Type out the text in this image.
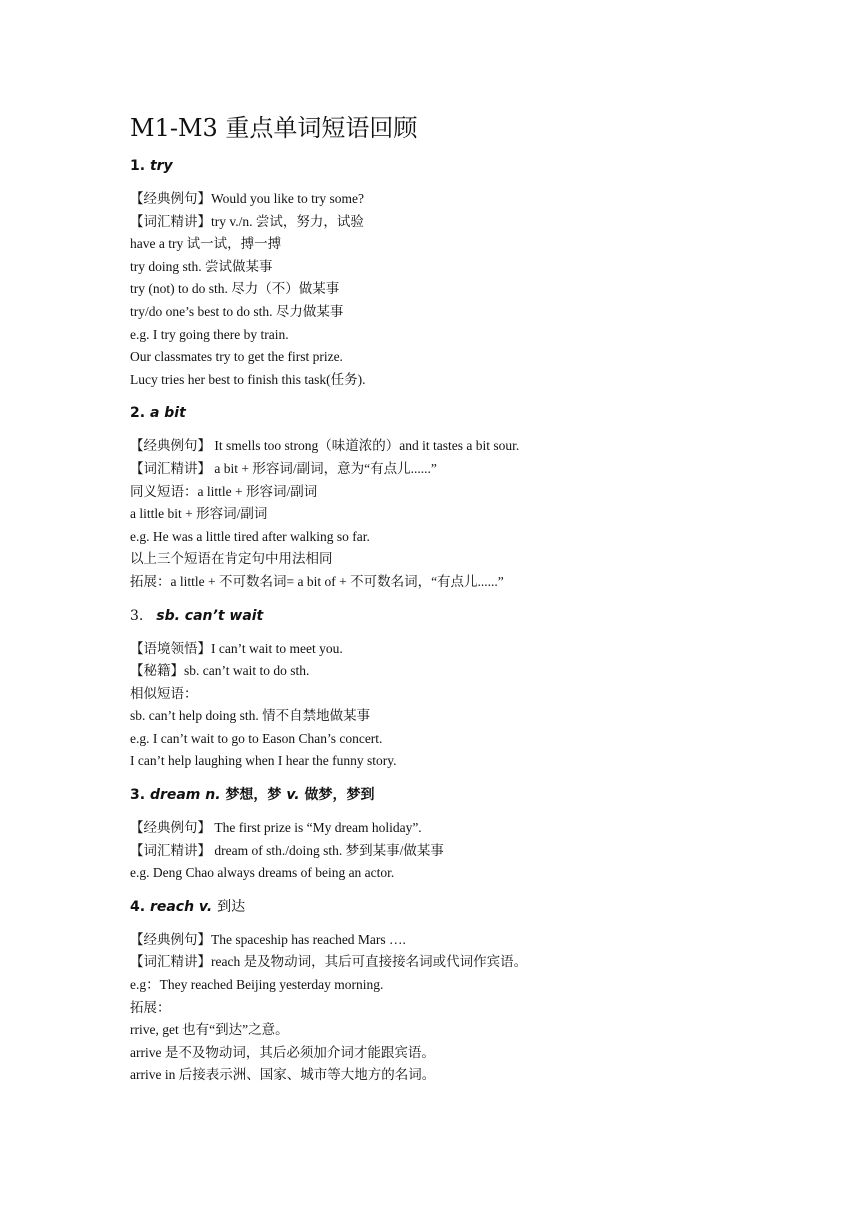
M1-M3 重点单词短语回顾
1. try
【经典例句】Would you like to try some?
【词汇精讲】try v./n. 尝试，努力，试验
have a try 试一试，搏一搏
try doing sth. 尝试做某事
try (not) to do sth. 尽力（不）做某事
try/do one’s best to do sth. 尽力做某事
e.g. I try going there by train.
Our classmates try to get the first prize.
Lucy tries her best to finish this task(任务).
2. a bit
【经典例句】 It smells too strong（味道浓的）and it tastes a bit sour.
【词汇精讲】 a bit + 形容词/副词，意为“有点儿......”
同义短语：a little + 形容词/副词
a little bit + 形容词/副词
e.g. He was a little tired after walking so far.
以上三个短语在肯定句中用法相同
拓展：a little + 不可数名词= a bit of + 不可数名词，“有点儿......”
3. sb. can’t wait
【语境领悟】I can’t wait to meet you.
【秘籍】sb. can’t wait to do sth.
相似短语：
sb. can’t help doing sth. 情不自禁地做某事
e.g. I can’t wait to go to Eason Chan’s concert.
I can’t help laughing when I hear the funny story.
3. dream n. 梦想，梦 v. 做梦，梦到
【经典例句】 The first prize is “My dream holiday”.
【词汇精讲】 dream of sth./doing sth. 梦到某事/做某事
e.g. Deng Chao always dreams of being an actor.
4. reach v. 到达
【经典例句】The spaceship has reached Mars ….
【词汇精讲】reach 是及物动词，其后可直接接名词或代词作宾语。
e.g：They reached Beijing yesterday morning.
拓展：
rrive, get 也有“到达”之意。
arrive 是不及物动词，其后必须加介词才能跟宾语。
arrive in 后接表示洲、国家、城市等大地方的名词。
